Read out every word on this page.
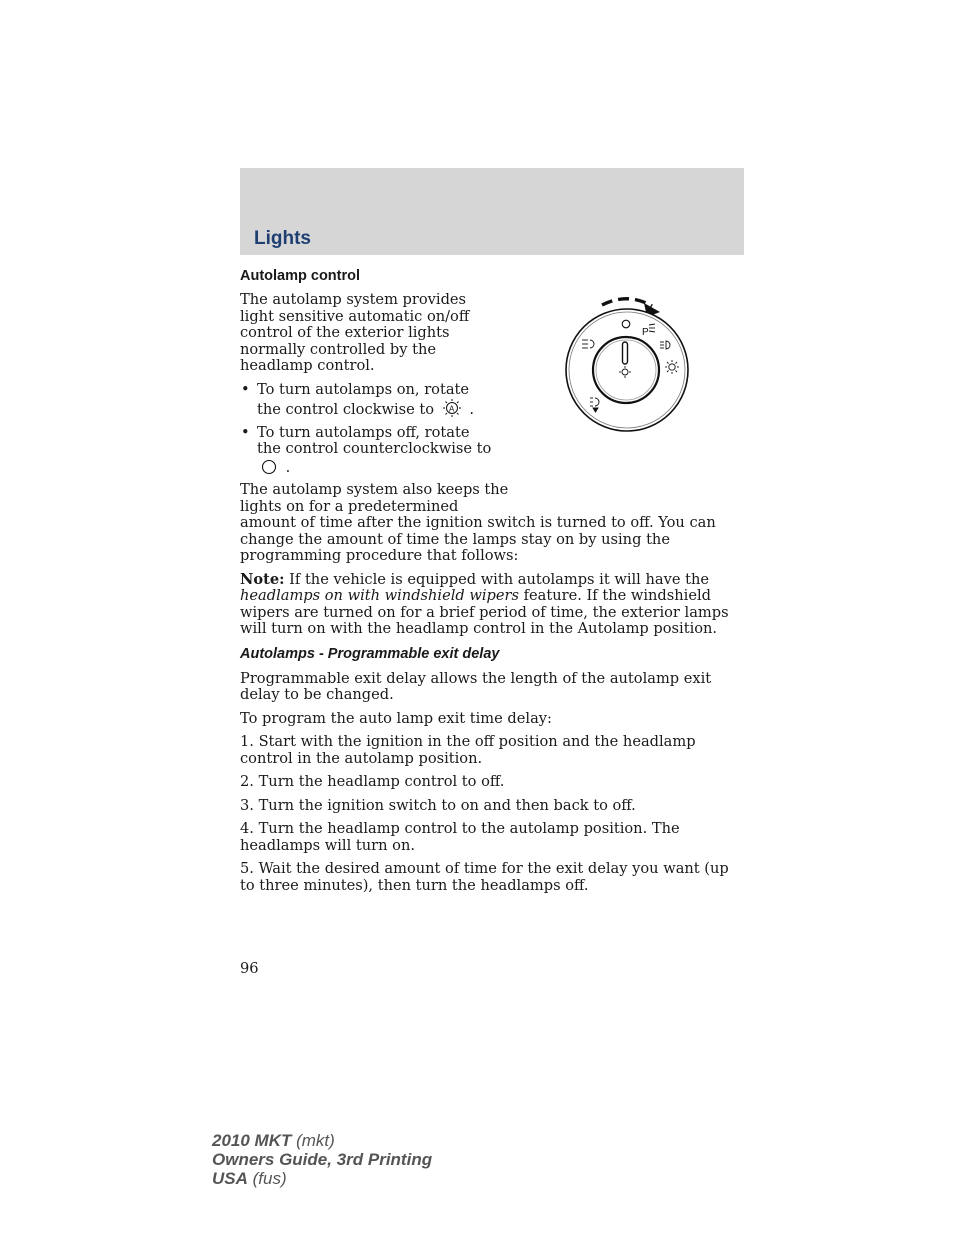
Lights
P
Autolamp control

The autolamp system provides light sensitive automatic on/off control of the exterior lights normally controlled by the headlamp control.

• To turn autolamps on, rotate the control clockwise to A .
• To turn autolamps off, rotate the control counterclockwise to  .

The autolamp system also keeps the
lights on for a predetermined
amount of time after the ignition switch is turned to off. You can change the amount of time the lamps stay on by using the programming procedure that follows:

Note: If the vehicle is equipped with autolamps it will have the headlamps on with windshield wipers feature. If the windshield wipers are turned on for a brief period of time, the exterior lamps will turn on with the headlamp control in the Autolamp position.

Autolamps - Programmable exit delay

Programmable exit delay allows the length of the autolamp exit delay to be changed.

To program the auto lamp exit time delay:

1. Start with the ignition in the off position and the headlamp control in the autolamp position.

2. Turn the headlamp control to off.

3. Turn the ignition switch to on and then back to off.

4. Turn the headlamp control to the autolamp position. The headlamps will turn on.

5. Wait the desired amount of time for the exit delay you want (up to three minutes), then turn the headlamps off.

96
2010 MKT (mkt)
Owners Guide, 3rd Printing
USA (fus)
